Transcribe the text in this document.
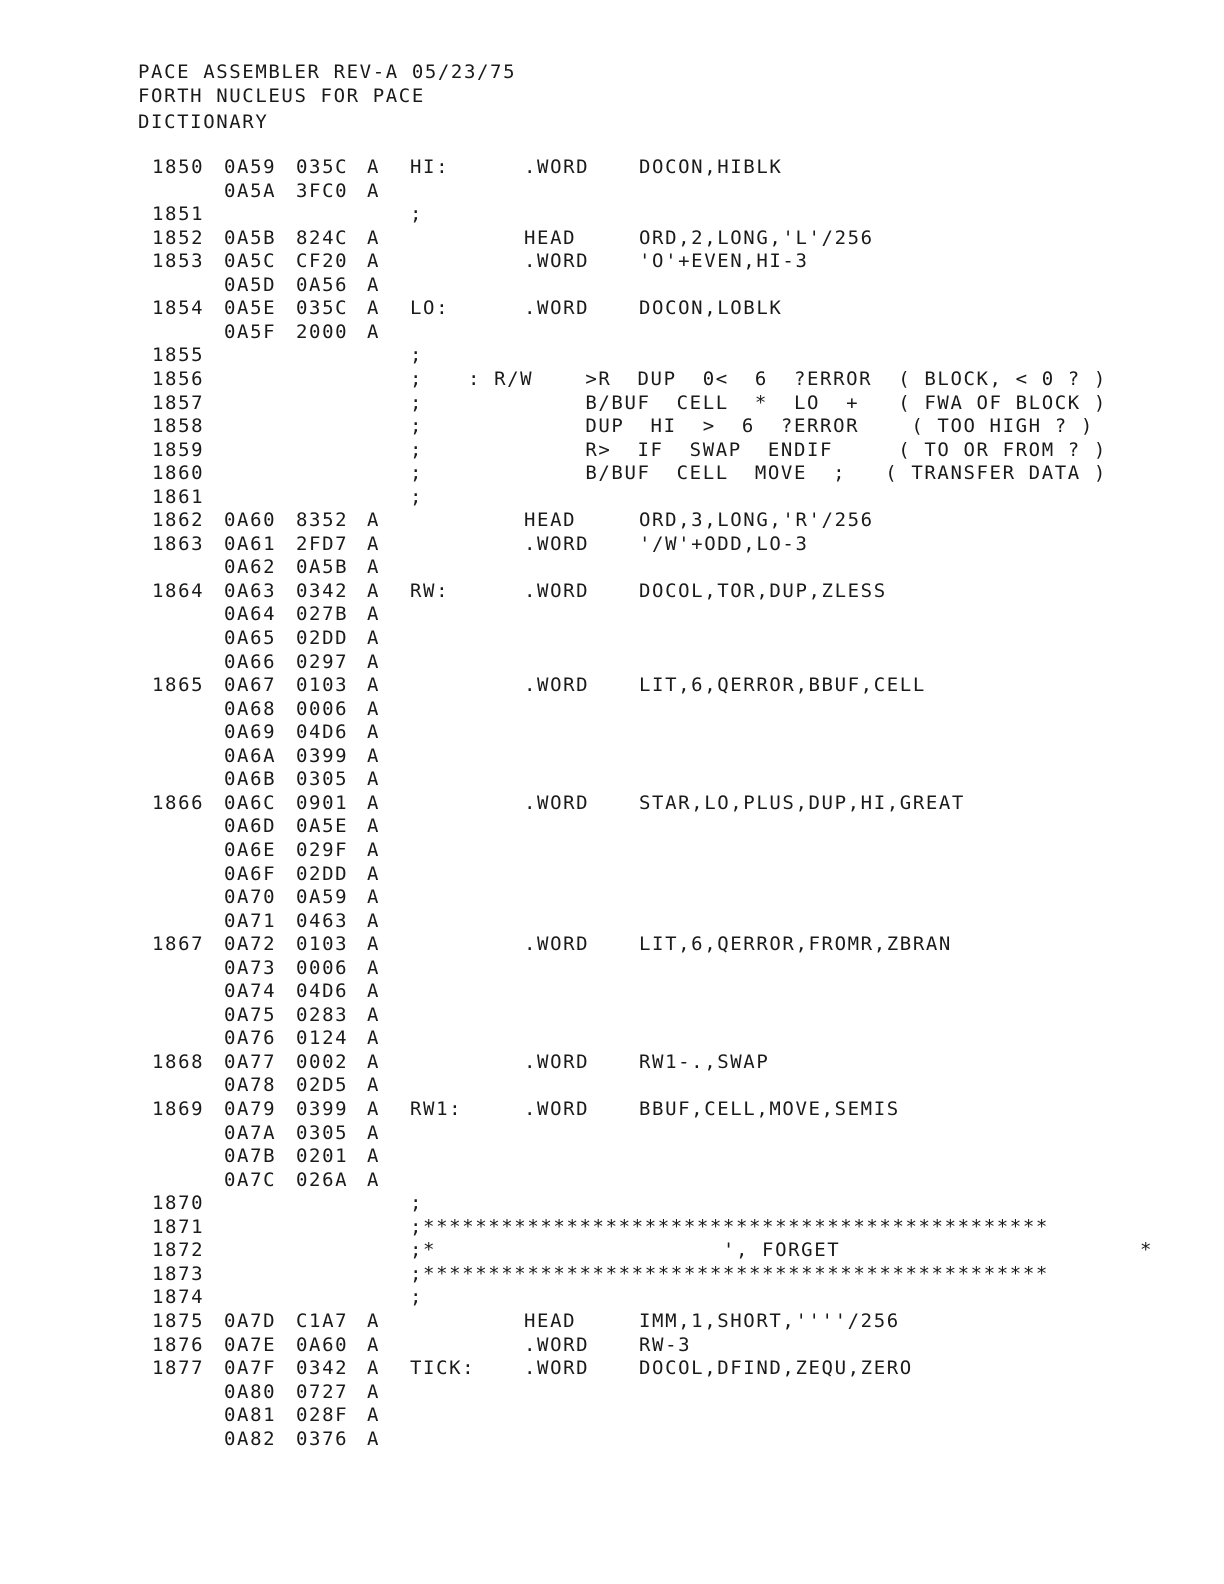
PACE ASSEMBLER REV-A 05/23/75
FORTH NUCLEUS FOR PACE
DICTIONARY
1850 0A59 035C A HI:	.WORD	DOCON,HIBLK
0A5A 3FC0 A
1851	;
1852 0A5B 824C A	HEAD	ORD,2,LONG,'L'/256
1853 0A5C CF20 A	.WORD	'O'+EVEN,HI-3
0A5D 0A56 A
1854 0A5E 035C A LO:	.WORD	DOCON,LOBLK
0A5F 2000 A
1855	;
1856	; : R/W    >R  DUP  0<  6  ?ERROR  ( BLOCK, < 0 ? )
1857	; B/BUF  CELL  *  LO  +   ( FWA OF BLOCK )
1858	; DUP  HI  >  6  ?ERROR    ( TOO HIGH ? )
1859	; R>  IF  SWAP  ENDIF     ( TO OR FROM ? )
1860	; B/BUF  CELL  MOVE  ;   ( TRANSFER DATA )
1861	;
1862 0A60 8352 A	HEAD	ORD,3,LONG,'R'/256
1863 0A61 2FD7 A	.WORD	'/W'+ODD,LO-3
0A62 0A5B A
1864 0A63 0342 A RW:	.WORD	DOCOL,TOR,DUP,ZLESS
0A64 027B A
0A65 02DD A
0A66 0297 A
1865 0A67 0103 A	.WORD	LIT,6,QERROR,BBUF,CELL
0A68 0006 A
0A69 04D6 A
0A6A 0399 A
0A6B 0305 A
1866 0A6C 0901 A	.WORD	STAR,LO,PLUS,DUP,HI,GREAT
0A6D 0A5E A
0A6E 029F A
0A6F 02DD A
0A70 0A59 A
0A71 0463 A
1867 0A72 0103 A	.WORD	LIT,6,QERROR,FROMR,ZBRAN
0A73 0006 A
0A74 04D6 A
0A75 0283 A
0A76 0124 A
1868 0A77 0002 A	.WORD	RW1-.,SWAP
0A78 02D5 A
1869 0A79 0399 A RW1:	.WORD	BBUF,CELL,MOVE,SEMIS
0A7A 0305 A
0A7B 0201 A
0A7C 026A A
1870	;
1871	;************************************************
1872	;*                      ', FORGET	*
1873	;************************************************
1874	;
1875 0A7D C1A7 A	HEAD	IMM,1,SHORT,''''/256
1876 0A7E 0A60 A	.WORD	RW-3
1877 0A7F 0342 A TICK:	.WORD	DOCOL,DFIND,ZEQU,ZERO
0A80 0727 A
0A81 028F A
0A82 0376 A
